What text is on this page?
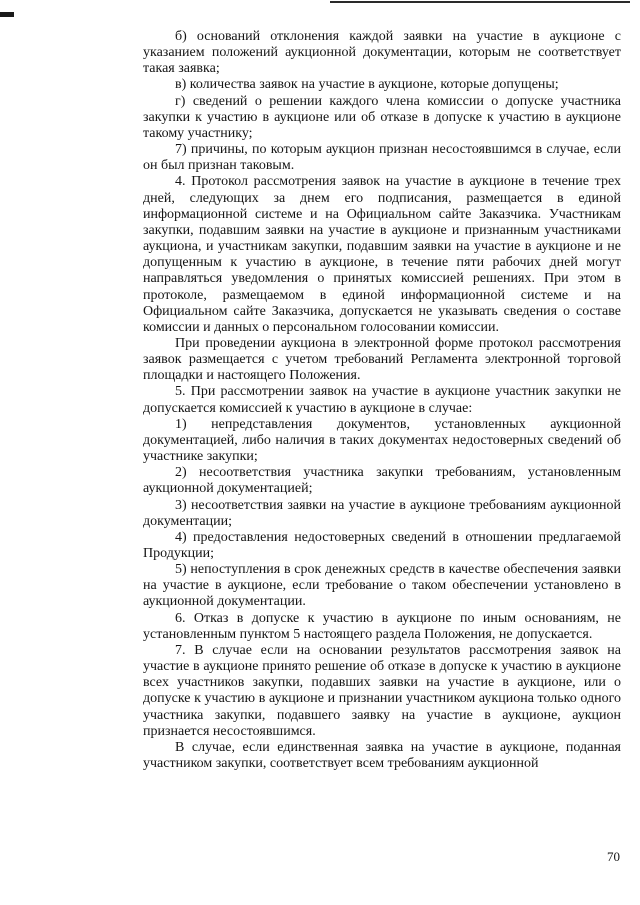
б) оснований отклонения каждой заявки на участие в аукционе с указанием положений аукционной документации, которым не соответствует такая заявка;

в) количества заявок на участие в аукционе, которые допущены;

г) сведений о решении каждого члена комиссии о допуске участника закупки к участию в аукционе или об отказе в допуске к участию в аукционе такому участнику;

7) причины, по которым аукцион признан несостоявшимся в случае, если он был признан таковым.

4. Протокол рассмотрения заявок на участие в аукционе в течение трех дней, следующих за днем его подписания, размещается в единой информационной системе и на Официальном сайте Заказчика. Участникам закупки, подавшим заявки на участие в аукционе и признанным участниками аукциона, и участникам закупки, подавшим заявки на участие в аукционе и не допущенным к участию в аукционе, в течение пяти рабочих дней могут направляться уведомления о принятых комиссией решениях. При этом в протоколе, размещаемом в единой информационной системе и на Официальном сайте Заказчика, допускается не указывать сведения о составе комиссии и данных о персональном голосовании комиссии.

При проведении аукциона в электронной форме протокол рассмотрения заявок размещается с учетом требований Регламента электронной торговой площадки и настоящего Положения.

5. При рассмотрении заявок на участие в аукционе участник закупки не допускается комиссией к участию в аукционе в случае:

1) непредставления документов, установленных аукционной документацией, либо наличия в таких документах недостоверных сведений об участнике закупки;

2) несоответствия участника закупки требованиям, установленным аукционной документацией;

3) несоответствия заявки на участие в аукционе требованиям аукционной документации;

4) предоставления недостоверных сведений в отношении предлагаемой Продукции;

5) непоступления в срок денежных средств в качестве обеспечения заявки на участие в аукционе, если требование о таком обеспечении установлено в аукционной документации.

6. Отказ в допуске к участию в аукционе по иным основаниям, не установленным пунктом 5 настоящего раздела Положения, не допускается.

7. В случае если на основании результатов рассмотрения заявок на участие в аукционе принято решение об отказе в допуске к участию в аукционе всех участников закупки, подавших заявки на участие в аукционе, или о допуске к участию в аукционе и признании участником аукциона только одного участника закупки, подавшего заявку на участие в аукционе, аукцион признается несостоявшимся.

В случае, если единственная заявка на участие в аукционе, поданная участником закупки, соответствует всем требованиям аукционной

70
